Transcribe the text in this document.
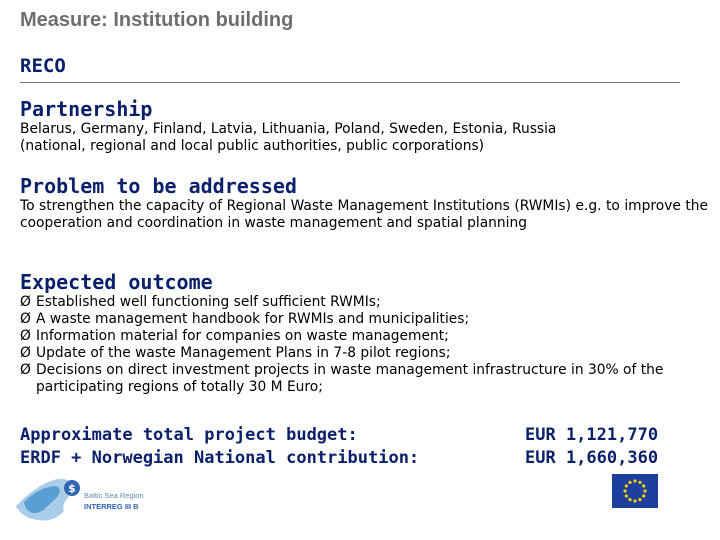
Measure: Institution building
RECO
Partnership

Belarus, Germany, Finland, Latvia, Lithuania, Poland, Sweden, Estonia, Russia

(national, regional and local public authorities, public corporations)

Problem to be addressed

To strengthen the capacity of Regional Waste Management Institutions (RWMIs) e.g. to improve the cooperation and coordination in waste management and spatial planning

Expected outcome
Ø Established well functioning self sufficient RWMIs;
Ø A waste management handbook for RWMIs and municipalities;
Ø Information material for companies on waste management;
Ø Update of the waste Management Plans in 7-8 pilot regions;
Ø Decisions on direct investment projects in waste management infrastructure in 30% of the participating regions of totally 30 M Euro;
Approximate total project budget:	EUR 1,121,770
ERDF + Norwegian National contribution:	EUR 1,660,360
$
Baltic Sea Region
INTERREG III B
